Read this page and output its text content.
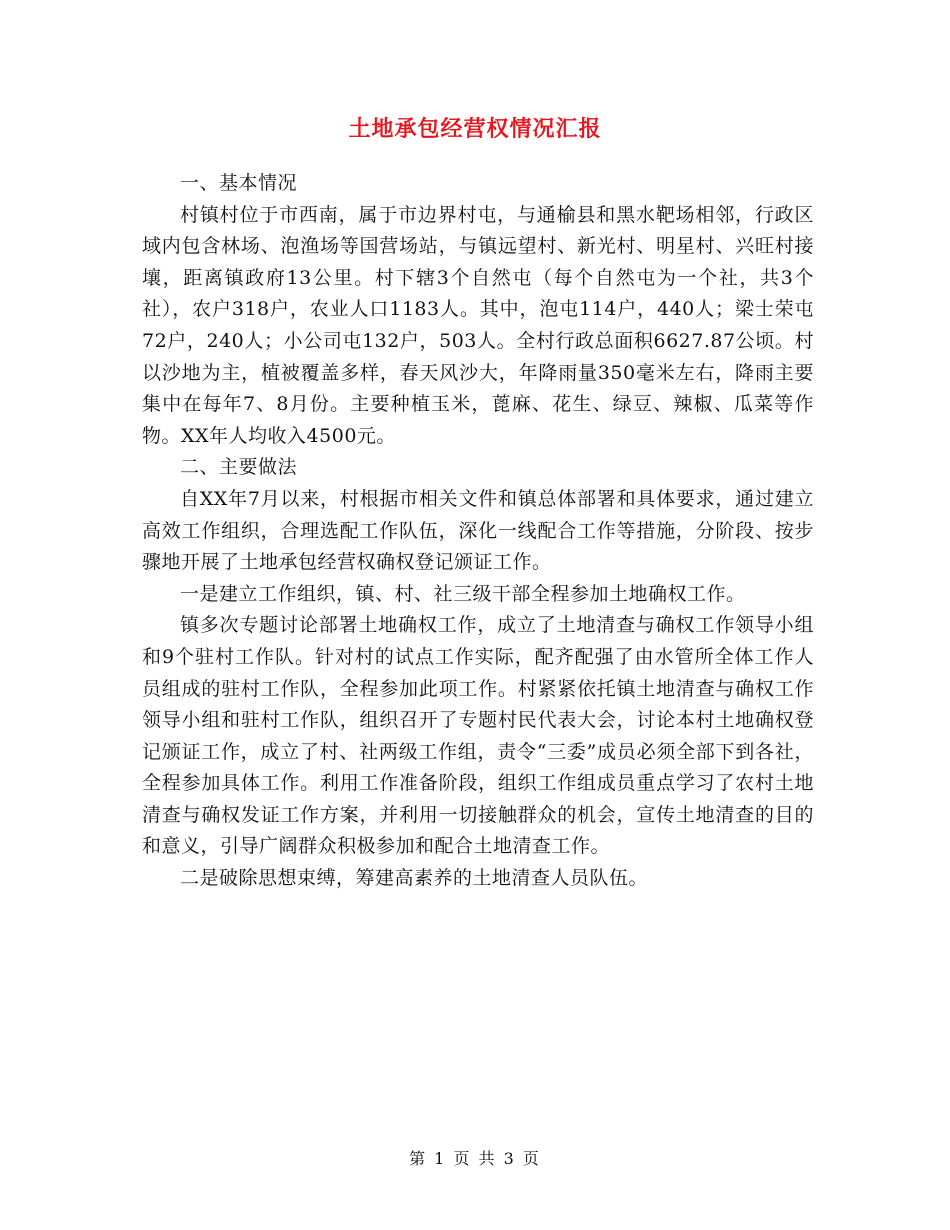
土地承包经营权情况汇报

一、基本情况

村镇村位于市西南，属于市边界村屯，与通榆县和黑水靶场相邻，行政区域内包含林场、泡渔场等国营场站，与镇远望村、新光村、明星村、兴旺村接壤，距离镇政府13公里。村下辖3个自然屯（每个自然屯为一个社，共3个社），农户318户，农业人口1183人。其中，泡屯114户，440人；梁士荣屯72户，240人；小公司屯132户，503人。全村行政总面积6627.87公顷。村以沙地为主，植被覆盖多样，春天风沙大，年降雨量350毫米左右，降雨主要集中在每年7、8月份。主要种植玉米，蓖麻、花生、绿豆、辣椒、瓜菜等作物。XX年人均收入4500元。

二、主要做法

自XX年7月以来，村根据市相关文件和镇总体部署和具体要求，通过建立高效工作组织，合理选配工作队伍，深化一线配合工作等措施，分阶段、按步骤地开展了土地承包经营权确权登记颁证工作。

一是建立工作组织，镇、村、社三级干部全程参加土地确权工作。

镇多次专题讨论部署土地确权工作，成立了土地清查与确权工作领导小组和9个驻村工作队。针对村的试点工作实际，配齐配强了由水管所全体工作人员组成的驻村工作队，全程参加此项工作。村紧紧依托镇土地清查与确权工作领导小组和驻村工作队，组织召开了专题村民代表大会，讨论本村土地确权登记颁证工作，成立了村、社两级工作组，责令“三委”成员必须全部下到各社，全程参加具体工作。利用工作准备阶段，组织工作组成员重点学习了农村土地清查与确权发证工作方案，并利用一切接触群众的机会，宣传土地清查的目的和意义，引导广阔群众积极参加和配合土地清查工作。

二是破除思想束缚，筹建高素养的土地清查人员队伍。

第 1 页 共 3 页
